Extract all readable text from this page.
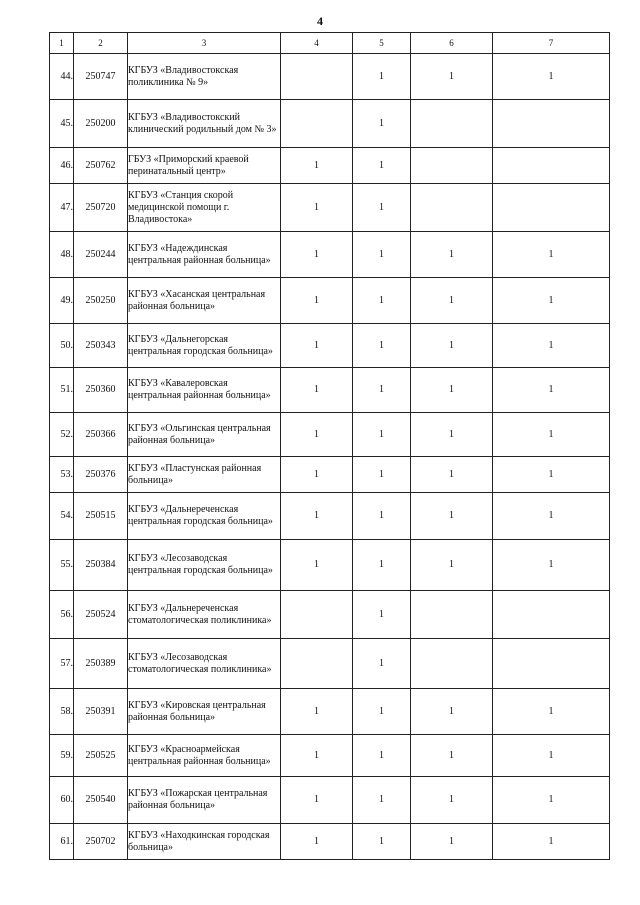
4
1	2	3	4	5	6	7
44.	250747	КГБУЗ «Владивостокская поликлиника № 9»		1	1	1
45.	250200	КГБУЗ «Владивостокский клинический родильный дом № 3»		1		
46.	250762	ГБУЗ «Приморский краевой перинатальный центр»	1	1		
47.	250720	КГБУЗ «Станция скорой медицинской помощи г. Владивостока»	1	1		
48.	250244	КГБУЗ «Надеждинская центральная районная больница»	1	1	1	1
49.	250250	КГБУЗ «Хасанская центральная районная больница»	1	1	1	1
50.	250343	КГБУЗ «Дальнегорская центральная городская больница»	1	1	1	1
51.	250360	КГБУЗ «Кавалеровская центральная районная больница»	1	1	1	1
52.	250366	КГБУЗ «Ольгинская центральная районная больница»	1	1	1	1
53.	250376	КГБУЗ «Пластунская районная больница»	1	1	1	1
54.	250515	КГБУЗ «Дальнереченская центральная городская больница»	1	1	1	1
55.	250384	КГБУЗ «Лесозаводская центральная городская больница»	1	1	1	1
56.	250524	КГБУЗ «Дальнереченская стоматологическая поликлиника»		1		
57.	250389	КГБУЗ «Лесозаводская стоматологическая поликлиника»		1		
58.	250391	КГБУЗ «Кировская центральная районная больница»	1	1	1	1
59.	250525	КГБУЗ «Красноармейская центральная районная больница»	1	1	1	1
60.	250540	КГБУЗ «Пожарская центральная районная больница»	1	1	1	1
61.	250702	КГБУЗ «Находкинская городская больница»	1	1	1	1
